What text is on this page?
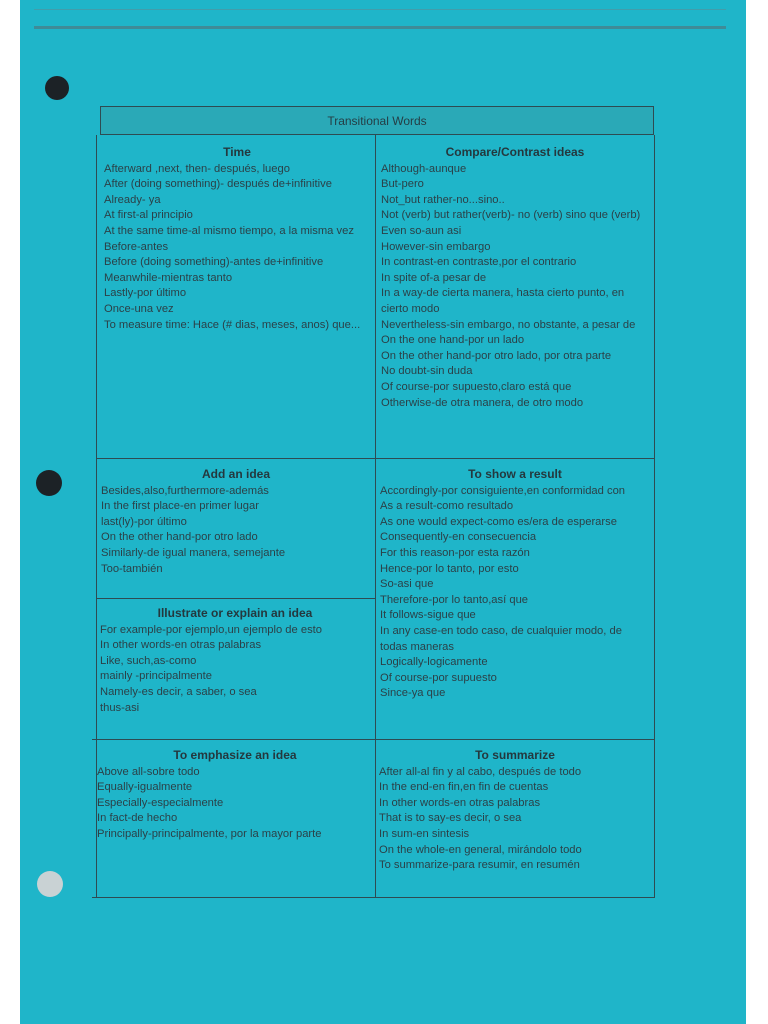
Transitional Words
Time
Afterward ,next, then- después, luego
After (doing something)- después de+infinitive
Already- ya
At first-al principio
At the same time-al mismo tiempo, a la misma vez
Before-antes
Before (doing something)-antes de+infinitive
Meanwhile-mientras tanto
Lastly-por último
Once-una vez
To measure time: Hace (# dias, meses, anos) que...
Compare/Contrast ideas
Although-aunque
But-pero
Not_but rather-no...sino..
Not (verb) but rather(verb)- no (verb) sino que (verb)
Even so-aun asi
However-sin embargo
In contrast-en contraste,por el contrario
In spite of-a pesar de
In a way-de cierta manera, hasta cierto punto, en cierto modo
Nevertheless-sin embargo, no obstante, a pesar de
On the one hand-por un lado
On the other hand-por otro lado, por otra parte
No doubt-sin duda
Of course-por supuesto,claro está que
Otherwise-de otra manera, de otro modo
Add an idea
Besides,also,furthermore-además
In the first place-en primer lugar
last(ly)-por último
On the other hand-por otro lado
Similarly-de igual manera, semejante
Too-también
To show a result
Accordingly-por consiguiente,en conformidad con
As a result-como resultado
As one would expect-como es/era de esperarse
Consequently-en consecuencia
For this reason-por esta razón
Hence-por lo tanto, por esto
So-asi que
Therefore-por lo tanto,así que
It follows-sigue que
In any case-en todo caso, de cualquier modo, de todas maneras
Logically-logicamente
Of course-por supuesto
Since-ya que
Illustrate or explain an idea
For example-por ejemplo,un ejemplo de esto
In other words-en otras palabras
Like, such,as-como
mainly -principalmente
Namely-es decir, a saber, o sea
thus-asi
To emphasize an idea
Above all-sobre todo
Equally-igualmente
Especially-especialmente
In fact-de hecho
Principally-principalmente, por la mayor parte
To summarize
After all-al fin y al cabo, después de todo
In the end-en fin,en fin de cuentas
In other words-en otras palabras
That is to say-es decir, o sea
In sum-en sintesis
On the whole-en general, mirándolo todo
To summarize-para resumir, en resumén
